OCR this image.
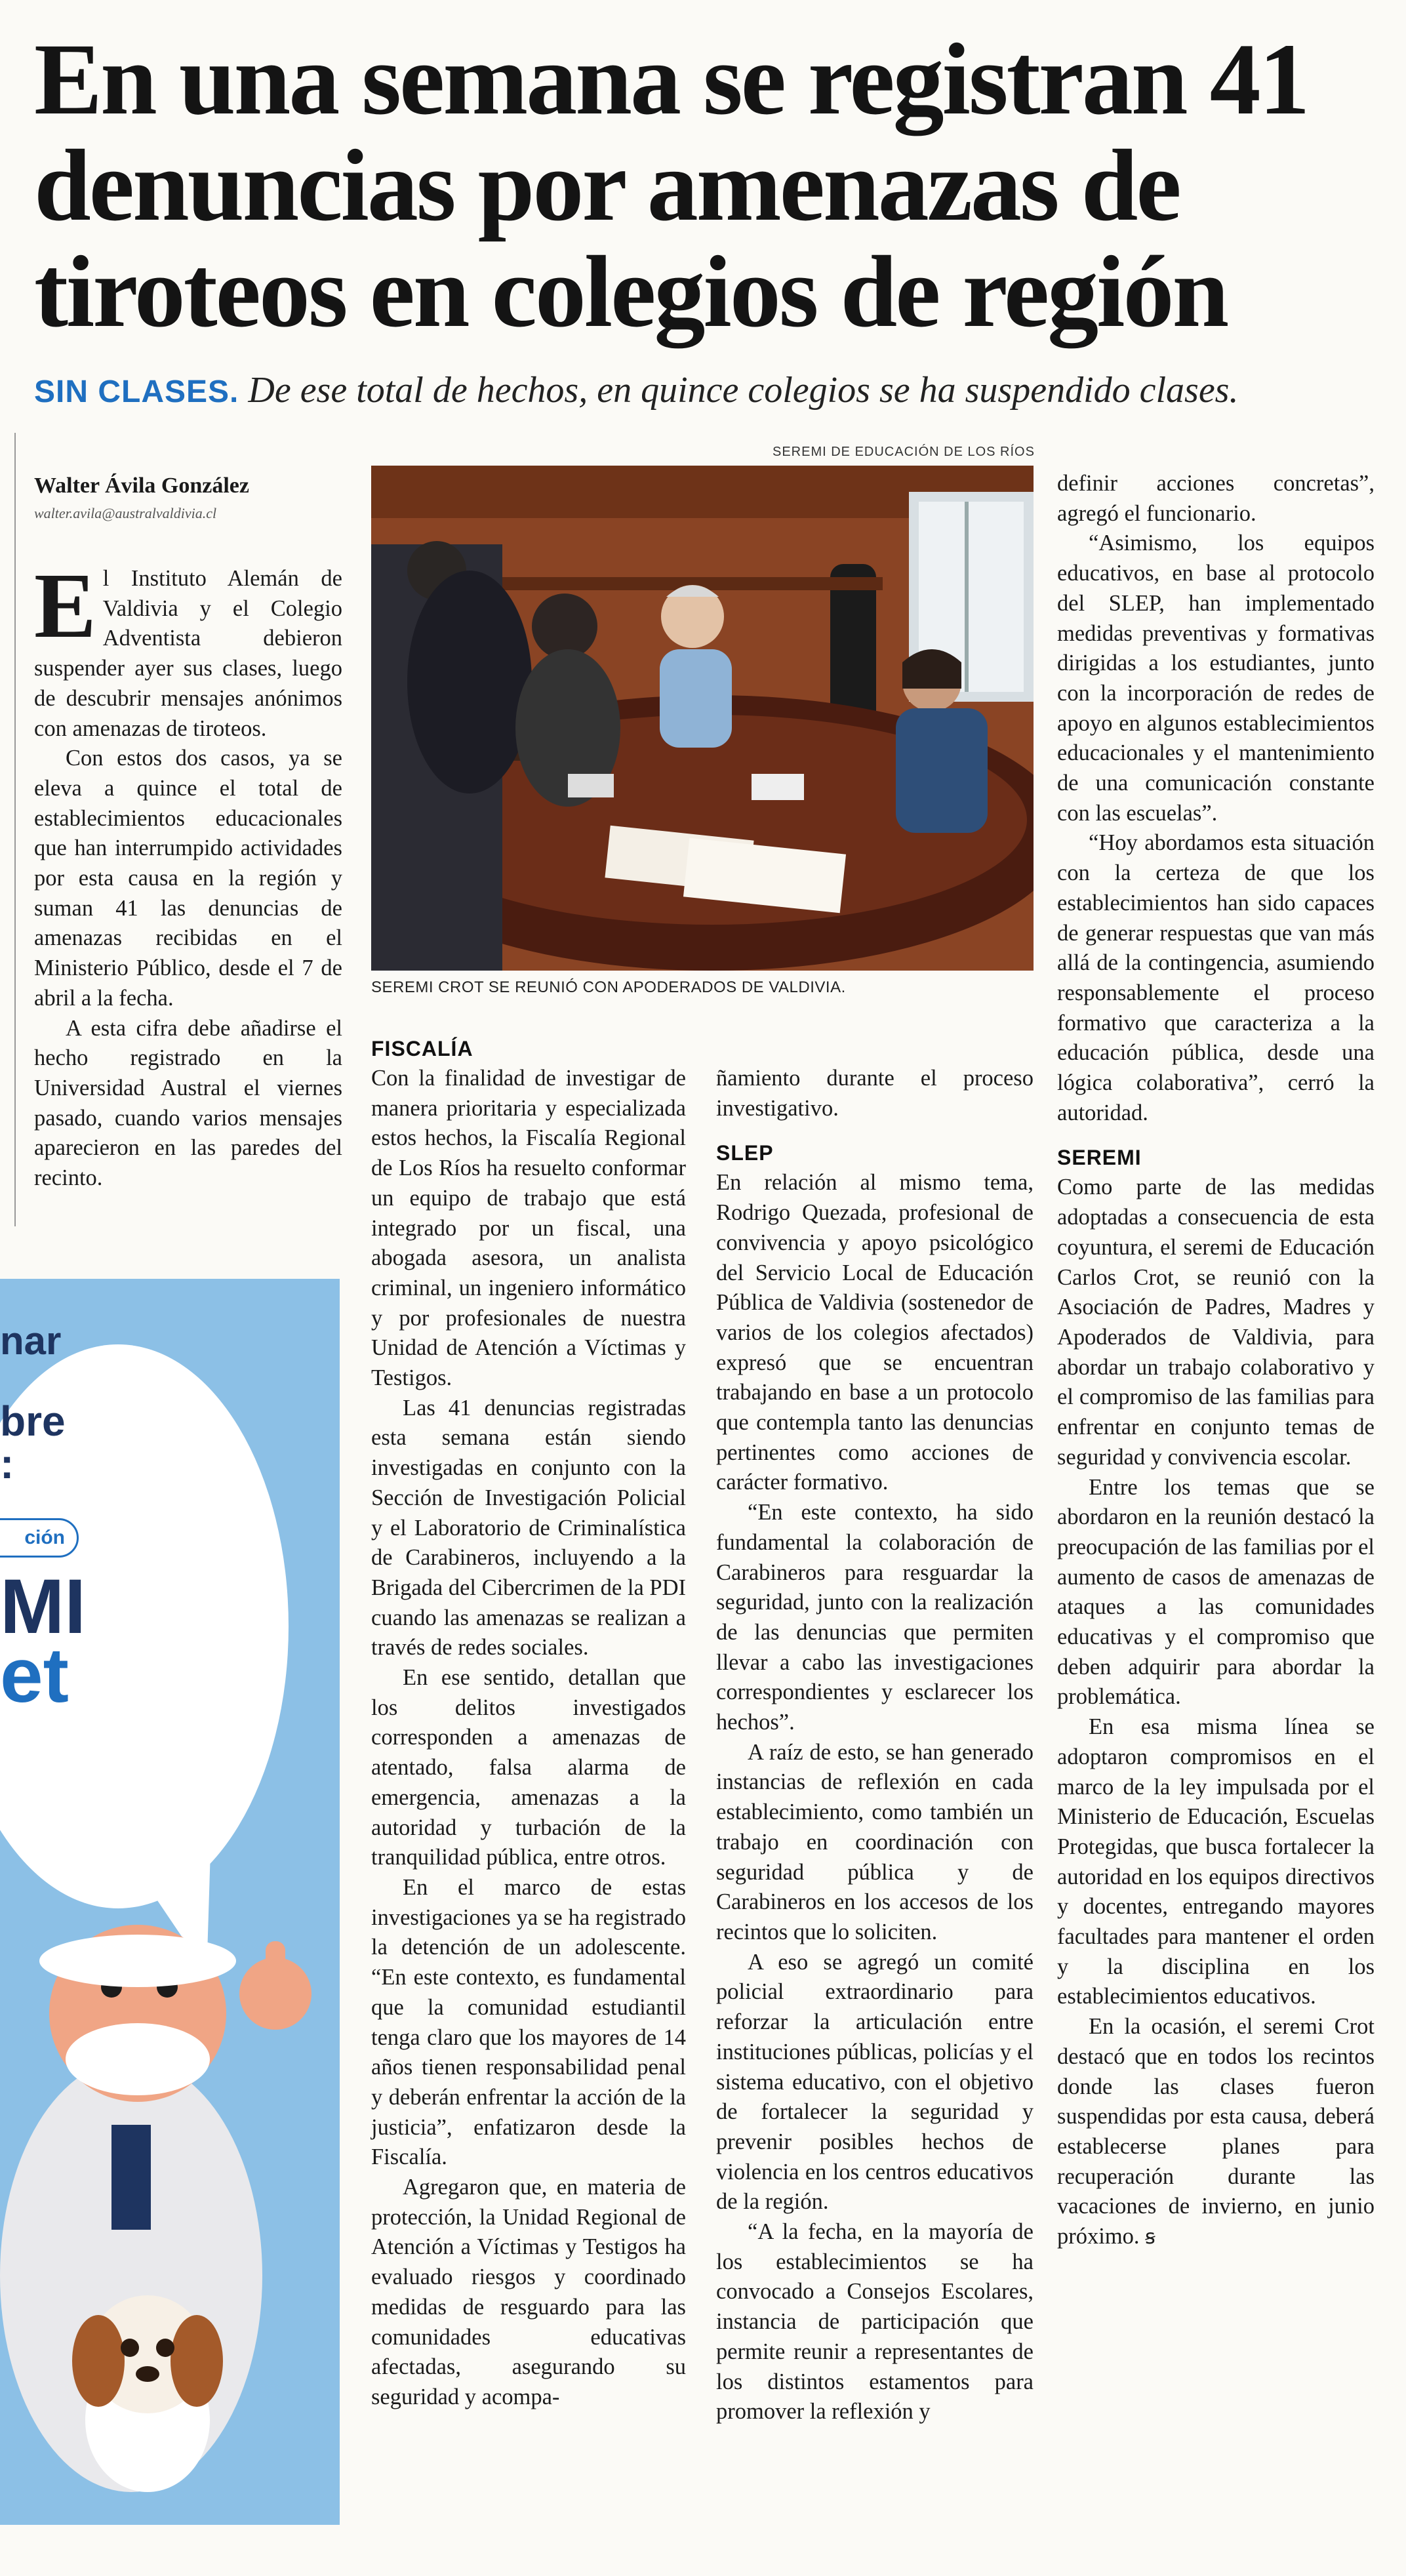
En una semana se registran 41 denuncias por amenazas de tiroteos en colegios de región
SIN CLASES. De ese total de hechos, en quince colegios se ha suspendido clases.
Walter Ávila González
walter.avila@australvaldivia.cl

El Instituto Alemán de Valdivia y el Colegio Adventista debieron suspender ayer sus clases, luego de descubrir mensajes anónimos con amenazas de tiroteos.

Con estos dos casos, ya se eleva a quince el total de establecimientos educacionales que han interrumpido actividades por esta causa en la región y suman 41 las denuncias de amenazas recibidas en el Ministerio Público, desde el 7 de abril a la fecha.

A esta cifra debe añadirse el hecho registrado en la Universidad Austral el viernes pasado, cuando varios mensajes aparecieron en las paredes del recinto.

SEREMI DE EDUCACIÓN DE LOS RÍOS
SEREMI CROT SE REUNIÓ CON APODERADOS DE VALDIVIA.
FISCALÍA

Con la finalidad de investigar de manera prioritaria y especializada estos hechos, la Fiscalía Regional de Los Ríos ha resuelto conformar un equipo de trabajo que está integrado por un fiscal, una abogada asesora, un analista criminal, un ingeniero informático y por profesionales de nuestra Unidad de Atención a Víctimas y Testigos.

Las 41 denuncias registradas esta semana están siendo investigadas en conjunto con la Sección de Investigación Policial y el Laboratorio de Criminalística de Carabineros, incluyendo a la Brigada del Cibercrimen de la PDI cuando las amenazas se realizan a través de redes sociales.

En ese sentido, detallan que los delitos investigados corresponden a amenazas de atentado, falsa alarma de emergencia, amenazas a la autoridad y turbación de la tranquilidad pública, entre otros.

En el marco de estas investigaciones ya se ha registrado la detención de un adolescente. “En este contexto, es fundamental que la comunidad estudiantil tenga claro que los mayores de 14 años tienen responsabilidad penal y deberán enfrentar la acción de la justicia”, enfatizaron desde la Fiscalía.

Agregaron que, en materia de protección, la Unidad Regional de Atención a Víctimas y Testigos ha evaluado riesgos y coordinado medidas de resguardo para las comunidades educativas afectadas, asegurando su seguridad y acompa-

ñamiento durante el proceso investigativo.

SLEP

En relación al mismo tema, Rodrigo Quezada, profesional de convivencia y apoyo psicológico del Servicio Local de Educación Pública de Valdivia (sostenedor de varios de los colegios afectados) expresó que se encuentran trabajando en base a un protocolo que contempla tanto las denuncias pertinentes como acciones de carácter formativo.

“En este contexto, ha sido fundamental la colaboración de Carabineros para resguardar la seguridad, junto con la realización de las denuncias que permiten llevar a cabo las investigaciones correspondientes y esclarecer los hechos”.

A raíz de esto, se han generado instancias de reflexión en cada establecimiento, como también un trabajo en coordinación con seguridad pública y de Carabineros en los accesos de los recintos que lo soliciten.

A eso se agregó un comité policial extraordinario para reforzar la articulación entre instituciones públicas, policías y el sistema educativo, con el objetivo de fortalecer la seguridad y prevenir posibles hechos de violencia en los centros educativos de la región.

“A la fecha, en la mayoría de los establecimientos se ha convocado a Consejos Escolares, instancia de participación que permite reunir a representantes de los distintos estamentos para promover la reflexión y

definir acciones concretas”, agregó el funcionario.

“Asimismo, los equipos educativos, en base al protocolo del SLEP, han implementado medidas preventivas y formativas dirigidas a los estudiantes, junto con la incorporación de redes de apoyo en algunos establecimientos educacionales y el mantenimiento de una comunicación constante con las escuelas”.

“Hoy abordamos esta situación con la certeza de que los establecimientos han sido capaces de generar respuestas que van más allá de la contingencia, asumiendo responsablemente el proceso formativo que caracteriza a la educación pública, desde una lógica colaborativa”, cerró la autoridad.

SEREMI

Como parte de las medidas adoptadas a consecuencia de esta coyuntura, el seremi de Educación Carlos Crot, se reunió con la Asociación de Padres, Madres y Apoderados de Valdivia, para abordar un trabajo colaborativo y el compromiso de las familias para enfrentar en conjunto temas de seguridad y convivencia escolar.

Entre los temas que se abordaron en la reunión destacó la preocupación de las familias por el aumento de casos de amenazas de ataques a las comunidades educativas y el compromiso que deben adquirir para abordar la problemática.

En esa misma línea se adoptaron compromisos en el marco de la ley impulsada por el Ministerio de Educación, Escuelas Protegidas, que busca fortalecer la autoridad en los equipos directivos y docentes, entregando mayores facultades para mantener el orden y la disciplina en los establecimientos educativos.

En la ocasión, el seremi Crot destacó que en todos los recintos donde las clases fueron suspendidas por esta causa, deberá establecerse planes para recuperación durante las vacaciones de invierno, en junio próximo. ꞩ

nar
bre
:
ción
MI
et
